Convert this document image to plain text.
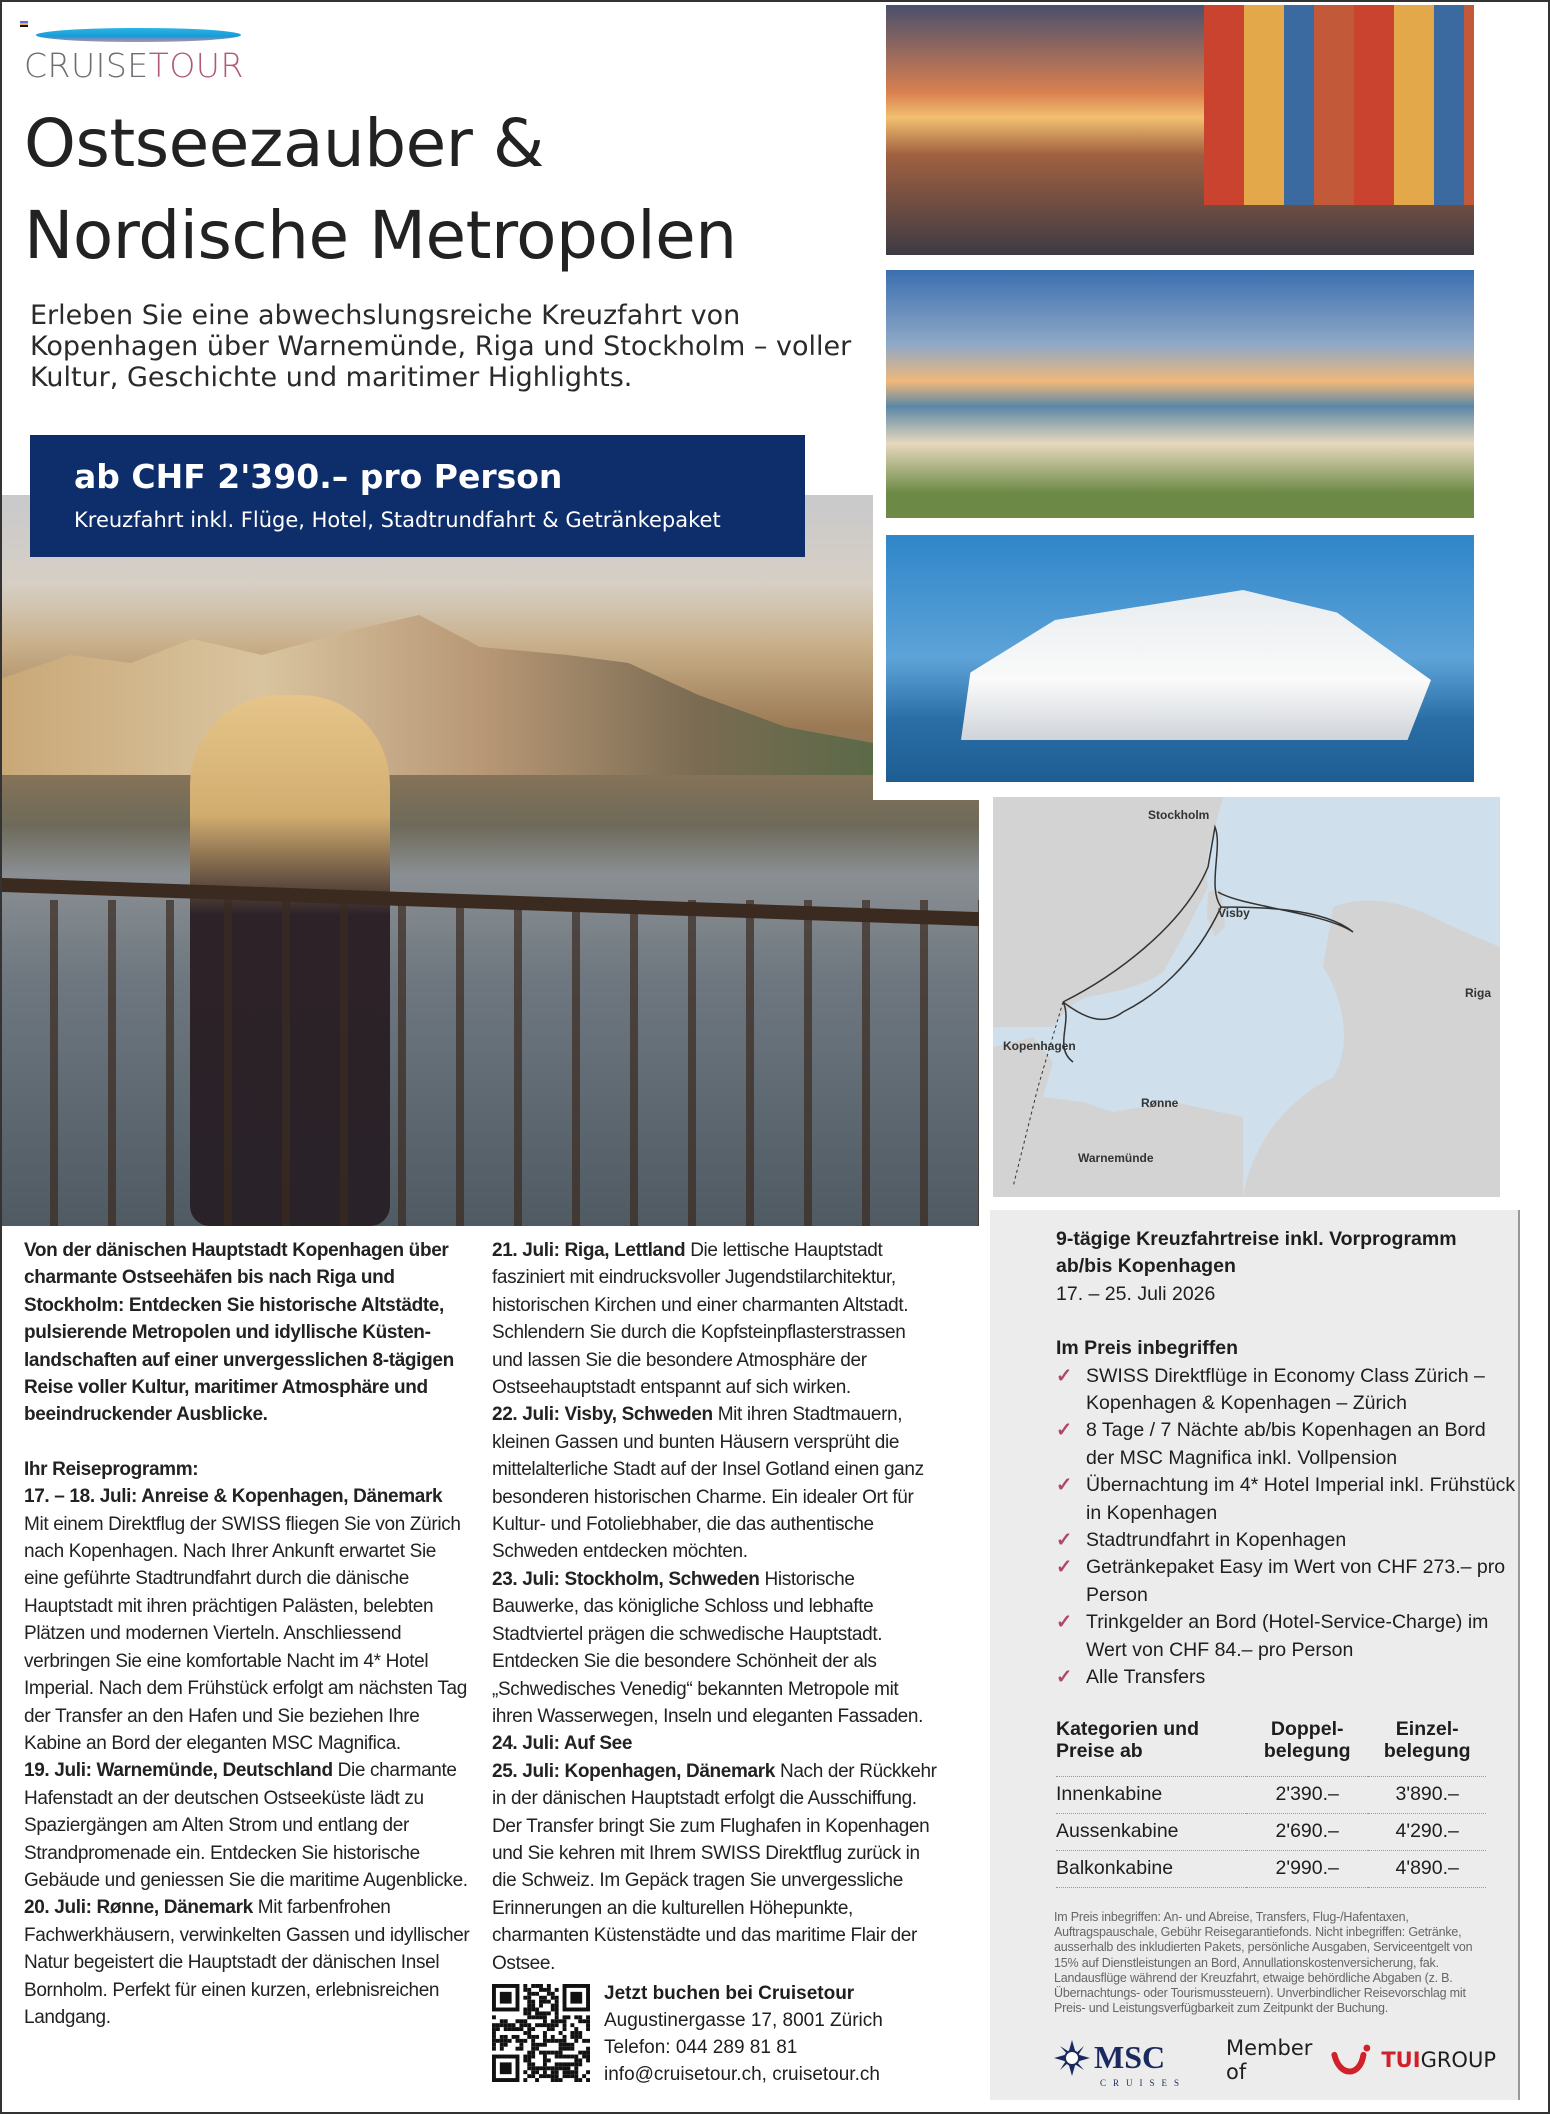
CRUISETOUR
Ostseezauber &
Nordische Metropolen

Erleben Sie eine abwechslungsreiche Kreuzfahrt von Kopenhagen über Warnemünde, Riga und Stockholm – voller Kultur, Geschichte und maritimer Highlights.

ab CHF 2'390.– pro Person
Kreuzfahrt inkl. Flüge, Hotel, Stadtrundfahrt & Getränkepaket
Stockholm
Visby
Riga
Kopenhagen
Rønne
Warnemünde

Von der dänischen Hauptstadt Kopenhagen über charmante Ostseehäfen bis nach Riga und Stockholm: Entdecken Sie historische Altstädte, pulsierende Metropolen und idyllische Küstenlandschaften auf einer unvergesslichen 8-tägigen Reise voller Kultur, maritimer Atmosphäre und beeindruckender Ausblicke.

Ihr Reiseprogramm:

17. – 18. Juli: Anreise & Kopenhagen, Dänemark
Mit einem Direktflug der SWISS fliegen Sie von Zürich nach Kopenhagen. Nach Ihrer Ankunft erwartet Sie eine geführte Stadtrundfahrt durch die dänische Hauptstadt mit ihren prächtigen Palästen, belebten Plätzen und modernen Vierteln. Anschliessend verbringen Sie eine komfortable Nacht im 4* Hotel Imperial. Nach dem Frühstück erfolgt am nächsten Tag der Transfer an den Hafen und Sie beziehen Ihre Kabine an Bord der eleganten MSC Magnifica.

19. Juli: Warnemünde, Deutschland Die charmante Hafenstadt an der deutschen Ostseeküste lädt zu Spaziergängen am Alten Strom und entlang der Strandpromenade ein. Entdecken Sie historische Gebäude und geniessen Sie die maritime Augenblicke.

20. Juli: Rønne, Dänemark Mit farbenfrohen Fachwerkhäusern, verwinkelten Gassen und idyllischer Natur begeistert die Hauptstadt der dänischen Insel Bornholm. Perfekt für einen kurzen, erlebnisreichen Landgang.

21. Juli: Riga, Lettland Die lettische Hauptstadt fasziniert mit eindrucksvoller Jugendstilarchitektur, historischen Kirchen und einer charmanten Altstadt. Schlendern Sie durch die Kopfsteinpflasterstrassen und lassen Sie die besondere Atmosphäre der Ostseehauptstadt entspannt auf sich wirken.

22. Juli: Visby, Schweden Mit ihren Stadtmauern, kleinen Gassen und bunten Häusern versprüht die mittelalterliche Stadt auf der Insel Gotland einen ganz besonderen historischen Charme. Ein idealer Ort für Kultur- und Fotoliebhaber, die das authentische Schweden entdecken möchten.

23. Juli: Stockholm, Schweden Historische Bauwerke, das königliche Schloss und lebhafte Stadtviertel prägen die schwedische Hauptstadt. Entdecken Sie die besondere Schönheit der als „Schwedisches Venedig“ bekannten Metropole mit ihren Wasserwegen, Inseln und eleganten Fassaden.

24. Juli: Auf See

25. Juli: Kopenhagen, Dänemark Nach der Rückkehr in der dänischen Hauptstadt erfolgt die Ausschiffung. Der Transfer bringt Sie zum Flughafen in Kopenhagen und Sie kehren mit Ihrem SWISS Direktflug zurück in die Schweiz. Im Gepäck tragen Sie unvergessliche Erinnerungen an die kulturellen Höhepunkte, charmanten Küstenstädte und das maritime Flair der Ostsee.

Jetzt buchen bei Cruisetour
Augustinergasse 17, 8001 Zürich
Telefon: 044 289 81 81
info@cruisetour.ch, cruisetour.ch
9-tägige Kreuzfahrtreise inkl. Vorprogramm
ab/bis Kopenhagen
17. – 25. Juli 2026
Im Preis inbegriffen
✓ SWISS Direktflüge in Economy Class Zürich – Kopenhagen & Kopenhagen – Zürich
✓ 8 Tage / 7 Nächte ab/bis Kopenhagen an Bord der MSC Magnifica inkl. Vollpension
✓ Übernachtung im 4* Hotel Imperial inkl. Frühstück in Kopenhagen
✓ Stadtrundfahrt in Kopenhagen
✓ Getränkepaket Easy im Wert von CHF 273.– pro Person
✓ Trinkgelder an Bord (Hotel-Service-Charge) im Wert von CHF 84.– pro Person
✓ Alle Transfers
Kategorien und Preise ab	Doppel-belegung	Einzel-belegung
Innenkabine	2'390.–	3'890.–
Aussenkabine	2'690.–	4'290.–
Balkonkabine	2'990.–	4'890.–

Im Preis inbegriffen: An- und Abreise, Transfers, Flug-/Hafentaxen, Auftragspauschale, Gebühr Reisegarantiefonds. Nicht inbegriffen: Getränke, ausserhalb des inkludierten Pakets, persönliche Ausgaben, Serviceentgelt von 15% auf Dienstleistungen an Bord, Annullationskostenversicherung, fak. Landausflüge während der Kreuzfahrt, etwaige behördliche Abgaben (z. B. Übernachtungs- oder Tourismussteuern). Unverbindlicher Reisevorschlag mit Preis- und Leistungsverfügbarkeit zum Zeitpunkt der Buchung.

MSC
CRUISES
Member of	TUIGROUP
